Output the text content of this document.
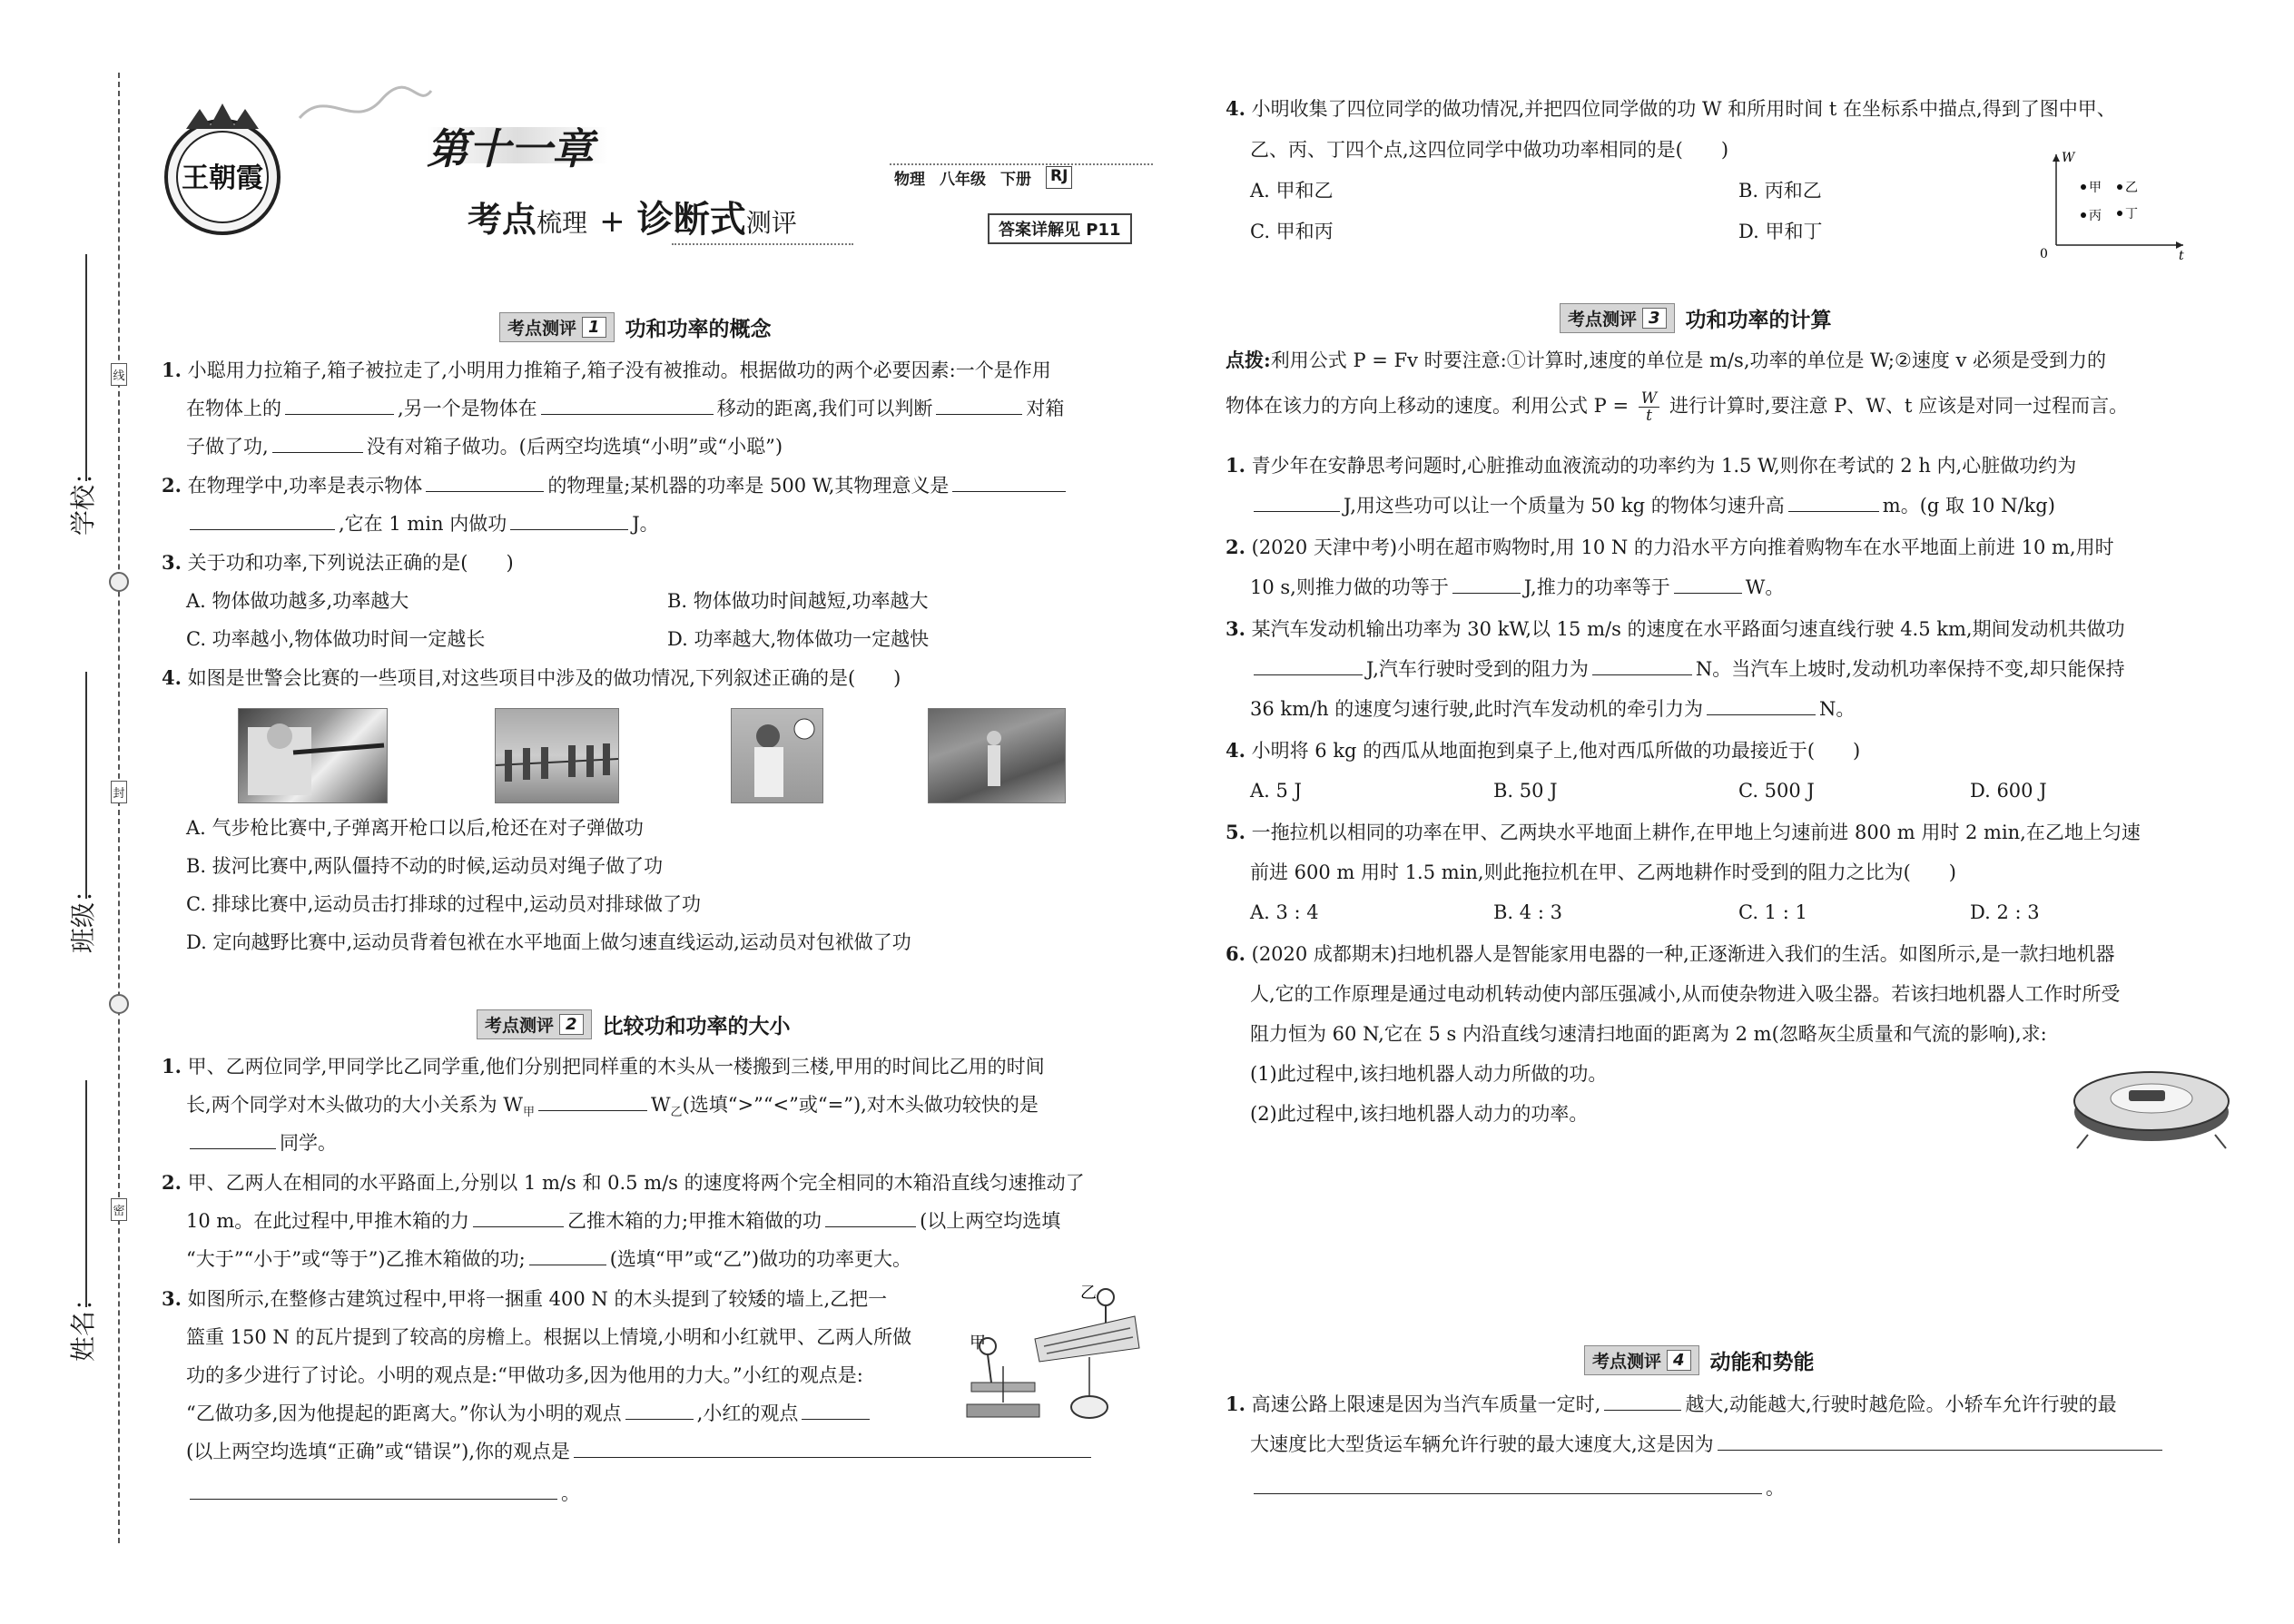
线
封
密
学校：
班级：
姓名：
王朝霞
第十一章
考点梳理 + 诊断式测评
物理 八年级 下册 RJ
答案详解见 P11
考点测评 1	功和功率的概念
1. 小聪用力拉箱子,箱子被拉走了,小明用力推箱子,箱子没有被推动。根据做功的两个必要因素:一个是作用
在物体上的	,另一个是物体在	移动的距离,我们可以判断	对箱
子做了功,	没有对箱子做功。(后两空均选填“小明”或“小聪”)
2. 在物理学中,功率是表示物体	的物理量;某机器的功率是 500 W,其物理意义是
,它在 1 min 内做功	J。
3. 关于功和功率,下列说法正确的是(　　)
A. 物体做功越多,功率越大	B. 物体做功时间越短,功率越大
C. 功率越小,物体做功时间一定越长	D. 功率越大,物体做功一定越快
4. 如图是世警会比赛的一些项目,对这些项目中涉及的做功情况,下列叙述正确的是(　　)
A. 气步枪比赛中,子弹离开枪口以后,枪还在对子弹做功
B. 拔河比赛中,两队僵持不动的时候,运动员对绳子做了功
C. 排球比赛中,运动员击打排球的过程中,运动员对排球做了功
D. 定向越野比赛中,运动员背着包袱在水平地面上做匀速直线运动,运动员对包袱做了功
考点测评 2	比较功和功率的大小
1. 甲、乙两位同学,甲同学比乙同学重,他们分别把同样重的木头从一楼搬到三楼,甲用的时间比乙用的时间
长,两个同学对木头做功的大小关系为 $W_甲$	$W_乙$(选填“>”“<”或“=”),对木头做功较快的是
同学。
2. 甲、乙两人在相同的水平路面上,分别以 1 m/s 和 0.5 m/s 的速度将两个完全相同的木箱沿直线匀速推动了
10 m。在此过程中,甲推木箱的力	乙推木箱的力;甲推木箱做的功	(以上两空均选填
“大于”“小于”或“等于”)乙推木箱做的功;	(选填“甲”或“乙”)做功的功率更大。
3. 如图所示,在整修古建筑过程中,甲将一捆重 400 N 的木头提到了较矮的墙上,乙把一
篮重 150 N 的瓦片提到了较高的房檐上。根据以上情境,小明和小红就甲、乙两人所做
功的多少进行了讨论。小明的观点是:“甲做功多,因为他用的力大。”小红的观点是:
“乙做功多,因为他提起的距离大。”你认为小明的观点	,小红的观点
(以上两空均选填“正确”或“错误”),你的观点是
。
乙
甲
4. 小明收集了四位同学的做功情况,并把四位同学做的功 W 和所用时间 t 在坐标系中描点,得到了图中甲、
乙、丙、丁四个点,这四位同学中做功功率相同的是(　　)
A. 甲和乙	B. 丙和乙
C. 甲和丙	D. 甲和丁
W
t
0
甲 乙
丙 丁
考点测评 3	功和功率的计算
点拨:利用公式 P = Fv 时要注意:①计算时,速度的单位是 m/s,功率的单位是 W;②速度 v 必须是受到力的
物体在该力的方向上移动的速度。利用公式 $P = \frac{W}{t}$ 进行计算时,要注意 P、W、t 应该是对同一过程而言。
1. 青少年在安静思考问题时,心脏推动血液流动的功率约为 1.5 W,则你在考试的 2 h 内,心脏做功约为
J,用这些功可以让一个质量为 50 kg 的物体匀速升高	m。(g 取 10 N/kg)
2. (2020 天津中考)小明在超市购物时,用 10 N 的力沿水平方向推着购物车在水平地面上前进 10 m,用时
10 s,则推力做的功等于	J,推力的功率等于	W。
3. 某汽车发动机输出功率为 30 kW,以 15 m/s 的速度在水平路面匀速直线行驶 4.5 km,期间发动机共做功
J,汽车行驶时受到的阻力为	N。当汽车上坡时,发动机功率保持不变,却只能保持
36 km/h 的速度匀速行驶,此时汽车发动机的牵引力为	N。
4. 小明将 6 kg 的西瓜从地面抱到桌子上,他对西瓜所做的功最接近于(　　)
A. 5 J	B. 50 J	C. 500 J	D. 600 J
5. 一拖拉机以相同的功率在甲、乙两块水平地面上耕作,在甲地上匀速前进 800 m 用时 2 min,在乙地上匀速
前进 600 m 用时 1.5 min,则此拖拉机在甲、乙两地耕作时受到的阻力之比为(　　)
A. 3 : 4	B. 4 : 3	C. 1 : 1	D. 2 : 3
6. (2020 成都期末)扫地机器人是智能家用电器的一种,正逐渐进入我们的生活。如图所示,是一款扫地机器
人,它的工作原理是通过电动机转动使内部压强减小,从而使杂物进入吸尘器。若该扫地机器人工作时所受
阻力恒为 60 N,它在 5 s 内沿直线匀速清扫地面的距离为 2 m(忽略灰尘质量和气流的影响),求:
(1)此过程中,该扫地机器人动力所做的功。
(2)此过程中,该扫地机器人动力的功率。
考点测评 4	动能和势能
1. 高速公路上限速是因为当汽车质量一定时,	越大,动能越大,行驶时越危险。小轿车允许行驶的最
大速度比大型货运车辆允许行驶的最大速度大,这是因为
。
